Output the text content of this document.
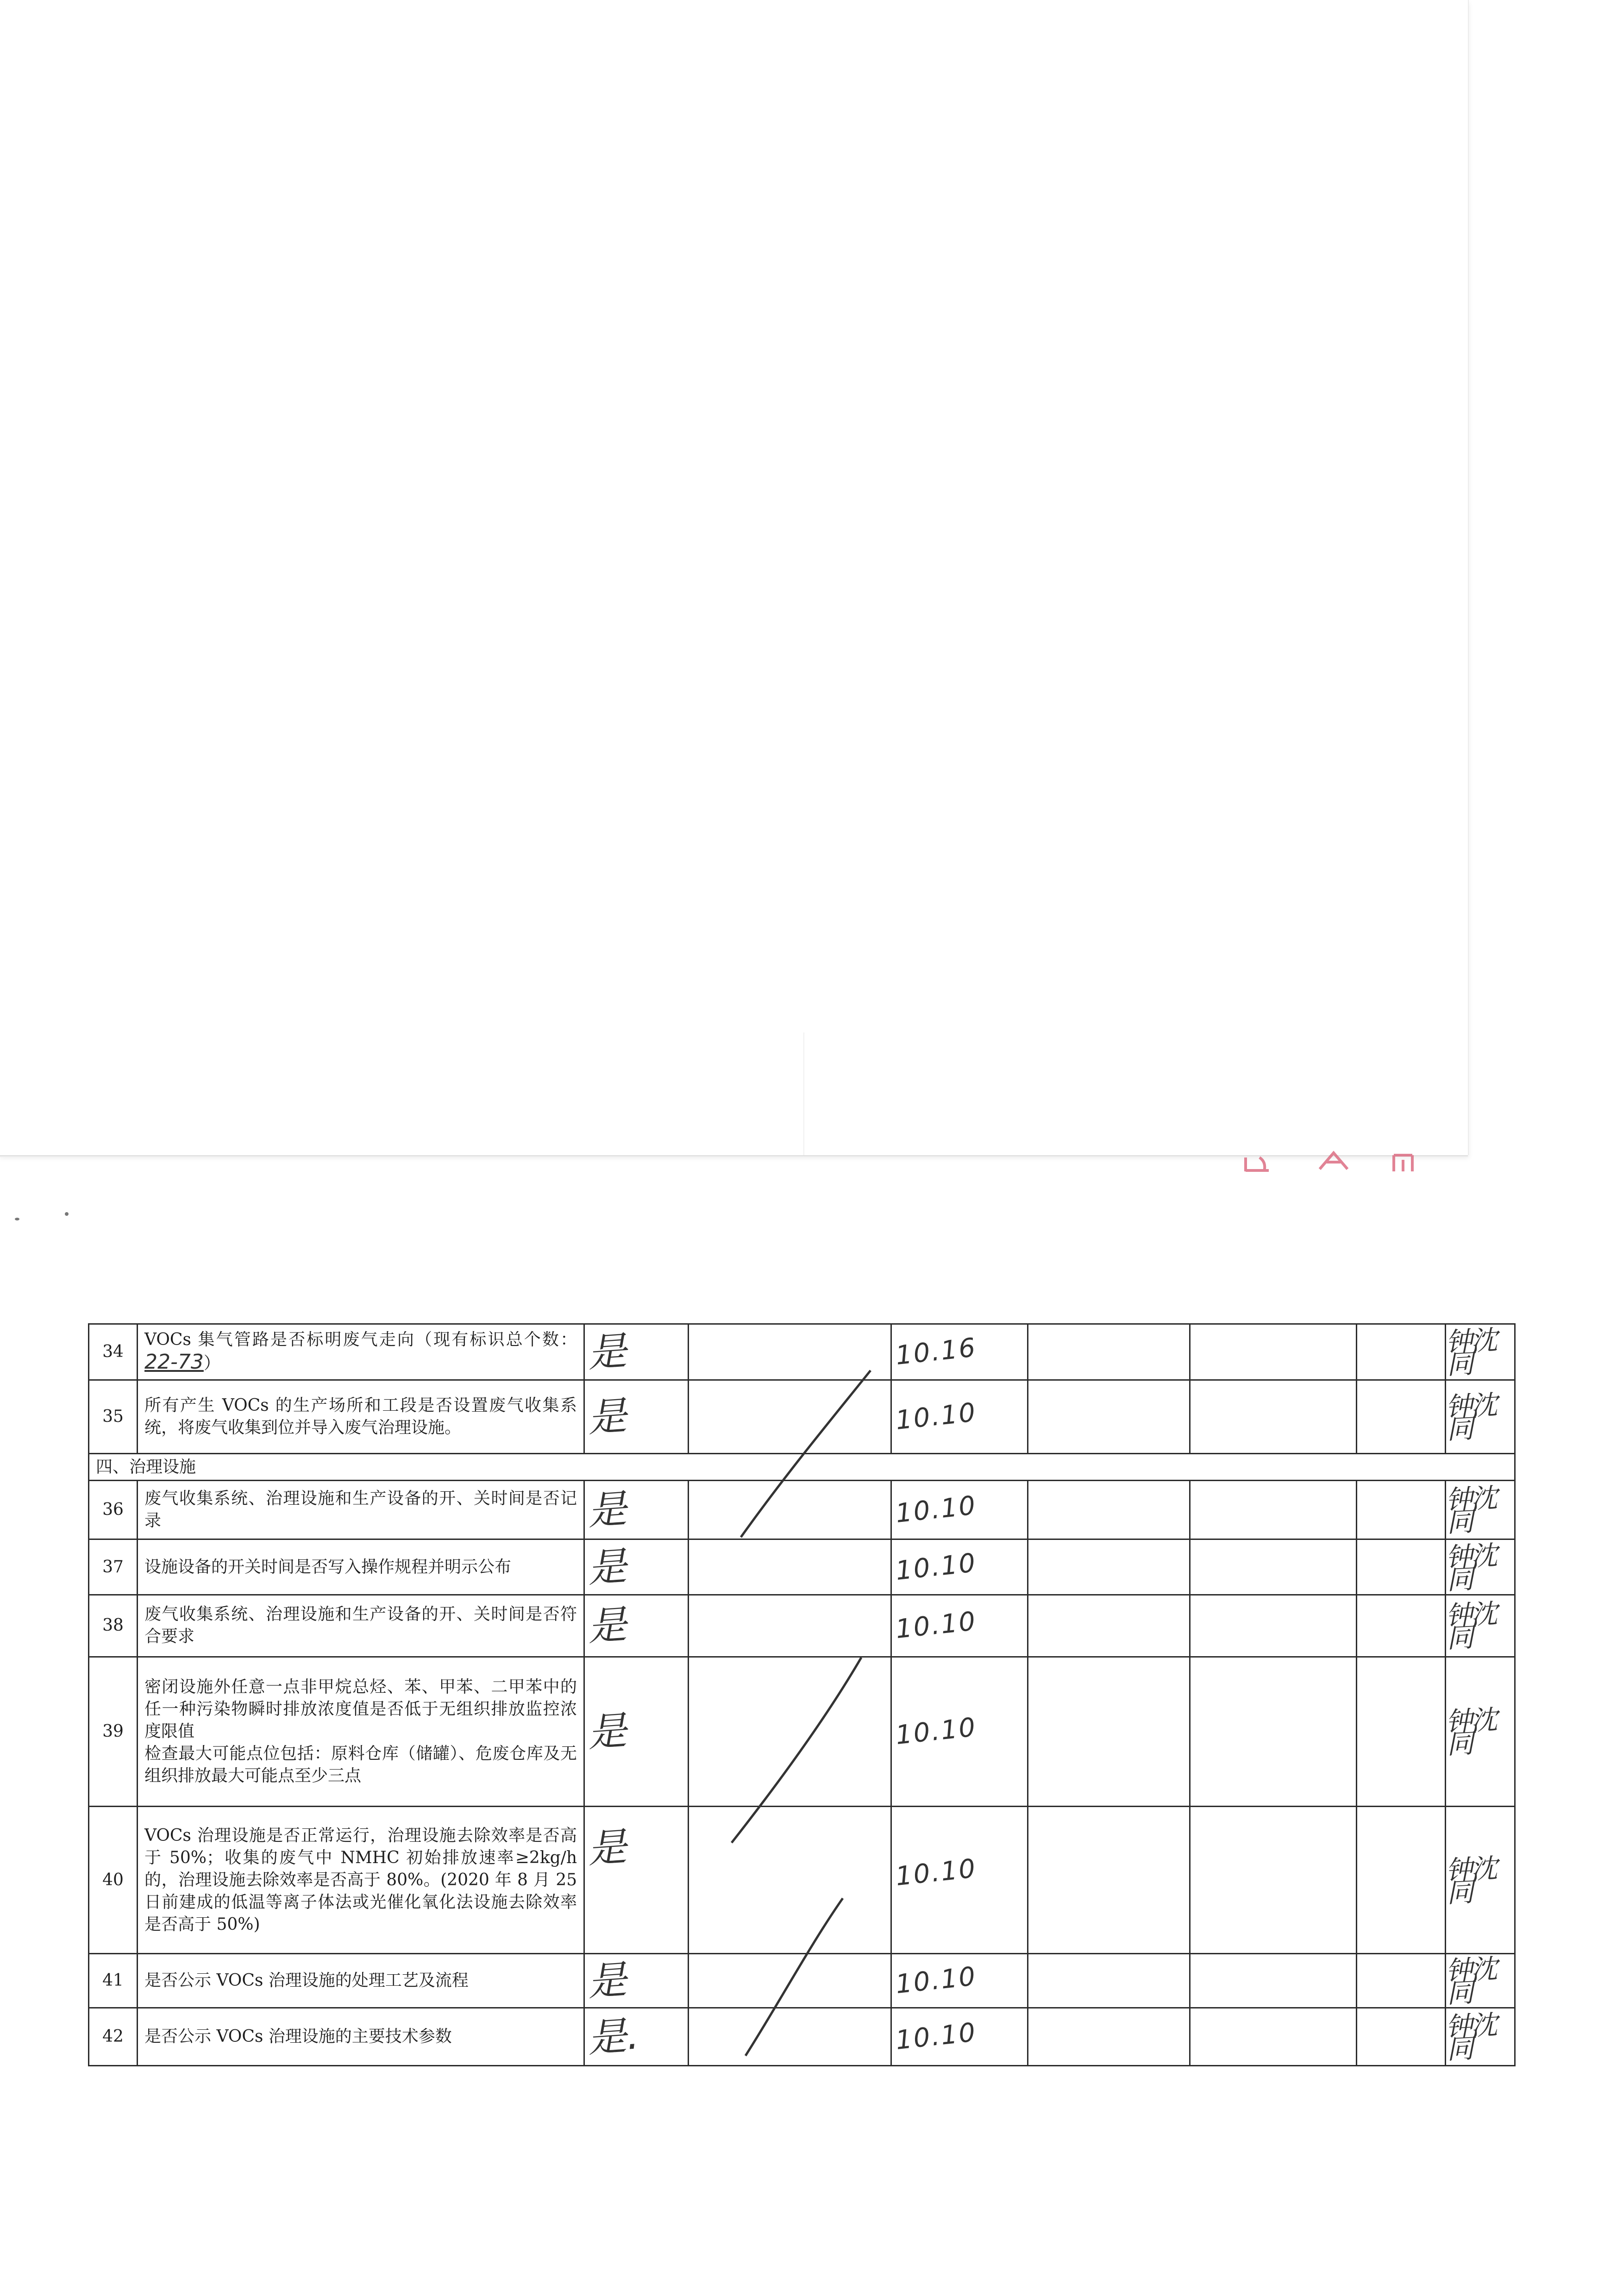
34	VOCs 集气管路是否标明废气走向（现有标识总个数：22-73）	是		10.16				钟沈同

35	所有产生 VOCs 的生产场所和工段是否设置废气收集系统，将废气收集到位并导入废气治理设施。	是		10.10				钟沈同

四、治理设施								
36	废气收集系统、治理设施和生产设备的开、关时间是否记录	是		10.10				钟沈同

37	设施设备的开关时间是否写入操作规程并明示公布	是		10.10				钟沈同

38	废气收集系统、治理设施和生产设备的开、关时间是否符合要求	是		10.10				钟沈同

39	密闭设施外任意一点非甲烷总烃、苯、甲苯、二甲苯中的任一种污染物瞬时排放浓度值是否低于无组织排放监控浓度限值
检查最大可能点位包括：原料仓库（储罐）、危废仓库及无组织排放最大可能点至少三点	是		10.10				钟沈同

40	VOCs 治理设施是否正常运行，治理设施去除效率是否高于 50%；收集的废气中 NMHC 初始排放速率≥2kg/h 的，治理设施去除效率是否高于 80%。(2020 年 8 月 25 日前建成的低温等离子体法或光催化氧化法设施去除效率是否高于 50%)	是		10.10				钟沈同

41	是否公示 VOCs 治理设施的处理工艺及流程	是		10.10				钟沈同

42	是否公示 VOCs 治理设施的主要技术参数	是.		10.10				钟沈同
